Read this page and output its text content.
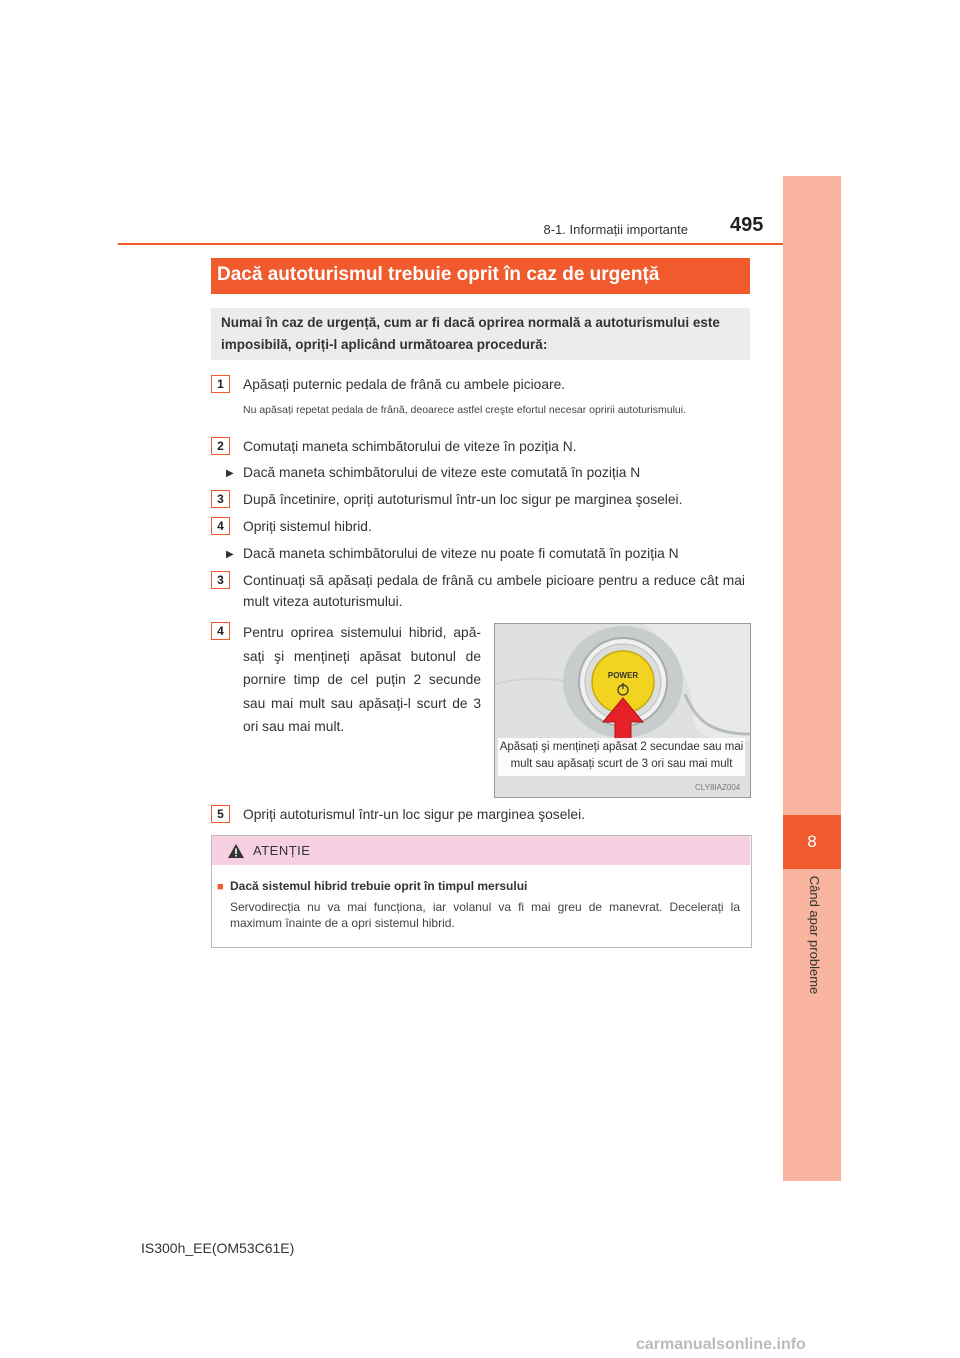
8
Când apar probleme
8-1. Informații importante 495
Dacă autoturismul trebuie oprit în caz de urgență
Numai în caz de urgență, cum ar fi dacă oprirea normală a autoturismului este imposibilă, opriți-l aplicând următoarea procedură:
1	Apăsați puternic pedala de frână cu ambele picioare.
Nu apăsați repetat pedala de frână, deoarece astfel creşte efortul necesar opririi autoturismului.
2	Comutați maneta schimbătorului de viteze în poziția N.
▶ Dacă maneta schimbătorului de viteze este comutată în poziția N
3	După încetinire, opriți autoturismul într-un loc sigur pe marginea şoselei.
4	Opriți sistemul hibrid.
▶ Dacă maneta schimbătorului de viteze nu poate fi comutată în poziția N
3	Continuați să apăsați pedala de frână cu ambele picioare pentru a reduce cât mai mult viteza autoturismului.
4	Pentru oprirea sistemului hibrid, apă-sați şi mențineți apăsat butonul de pornire timp de cel puțin 2 secunde sau mai mult sau apăsați-l scurt de 3 ori sau mai mult.
POWER
Apăsați şi mențineți apăsat 2 secundae sau mai mult sau apăsați scurt de 3 ori sau mai mult
CLY8IAZ004
5	Opriți autoturismul într-un loc sigur pe marginea şoselei.
ATENȚIE
■ Dacă sistemul hibrid trebuie oprit în timpul mersului
Servodirecția nu va mai funcționa, iar volanul va fi mai greu de manevrat. Decelerați la maximum înainte de a opri sistemul hibrid.
IS300h_EE(OM53C61E)
carmanualsonline.info
